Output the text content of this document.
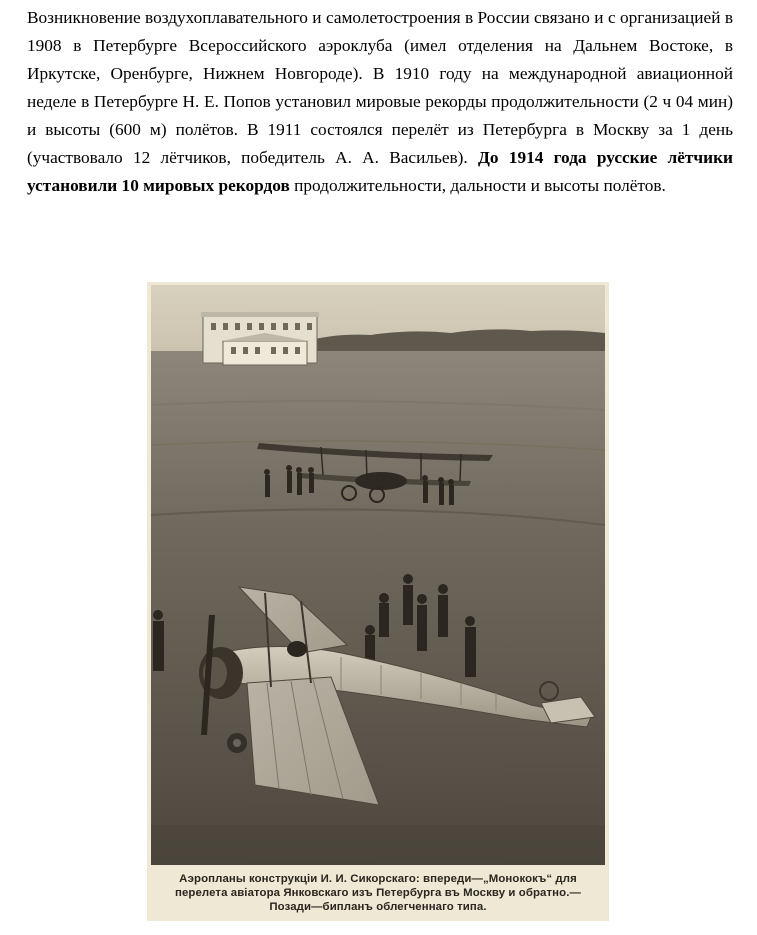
Возникновение воздухоплавательного и самолетостроения в России связано и с организацией в 1908 в Петербурге Всероссийского аэроклуба (имел отделения на Дальнем Востоке, в Иркутске, Оренбурге, Нижнем Новгороде). В 1910 году на международной авиационной неделе в Петербурге Н. Е. Попов установил мировые рекорды продолжительности (2 ч 04 мин) и высоты (600 м) полётов. В 1911 состоялся перелёт из Петербурга в Москву за 1 день (участвовало 12 лётчиков, победитель А. А. Васильев). До 1914 года русские лётчики установили 10 мировых рекордов продолжительности, дальности и высоты полётов.

Аэропланы конструкціи И. И. Сикорскаго: впереди—„Монококъ“ для
перелета авіатора Янковскаго изъ Петербурга въ Москву и обратно.—
Позади—бипланъ облегченнаго типа.
